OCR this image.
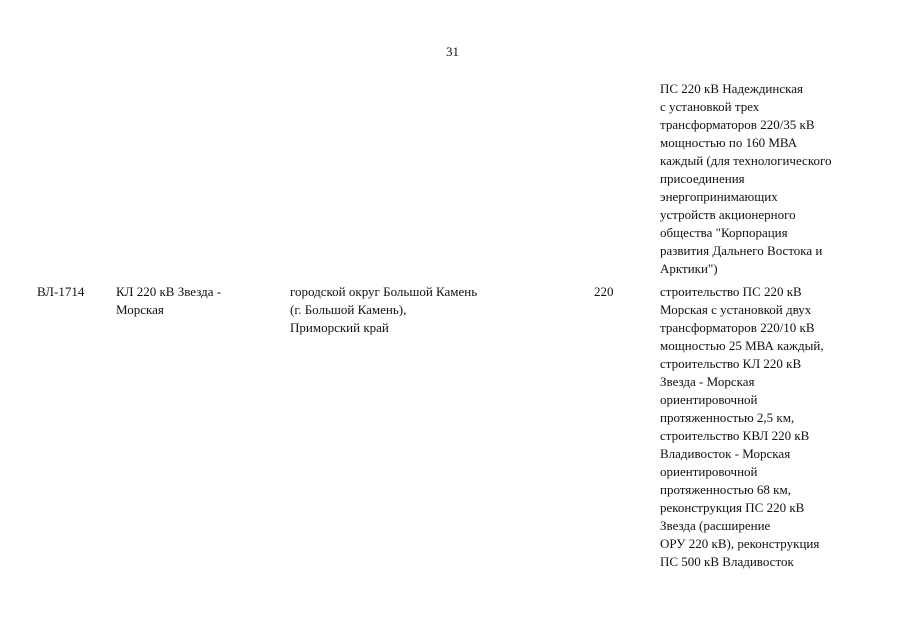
31
ПС 220 кВ Надеждинская
с установкой трех
трансформаторов 220/35 кВ
мощностью по 160 МВА
каждый (для технологического
присоединения
энергопринимающих
устройств акционерного
общества "Корпорация
развития Дальнего Востока и
Арктики")
ВЛ-1714	КЛ 220 кВ Звезда -
Морская
городской округ Большой Камень
(г. Большой Камень),
Приморский край
220	строительство ПС 220 кВ
Морская с установкой двух
трансформаторов 220/10 кВ
мощностью 25 МВА каждый,
строительство КЛ 220 кВ
Звезда - Морская
ориентировочной
протяженностью 2,5 км,
строительство КВЛ 220 кВ
Владивосток - Морская
ориентировочной
протяженностью 68 км,
реконструкция ПС 220 кВ
Звезда (расширение
ОРУ 220 кВ), реконструкция
ПС 500 кВ Владивосток
